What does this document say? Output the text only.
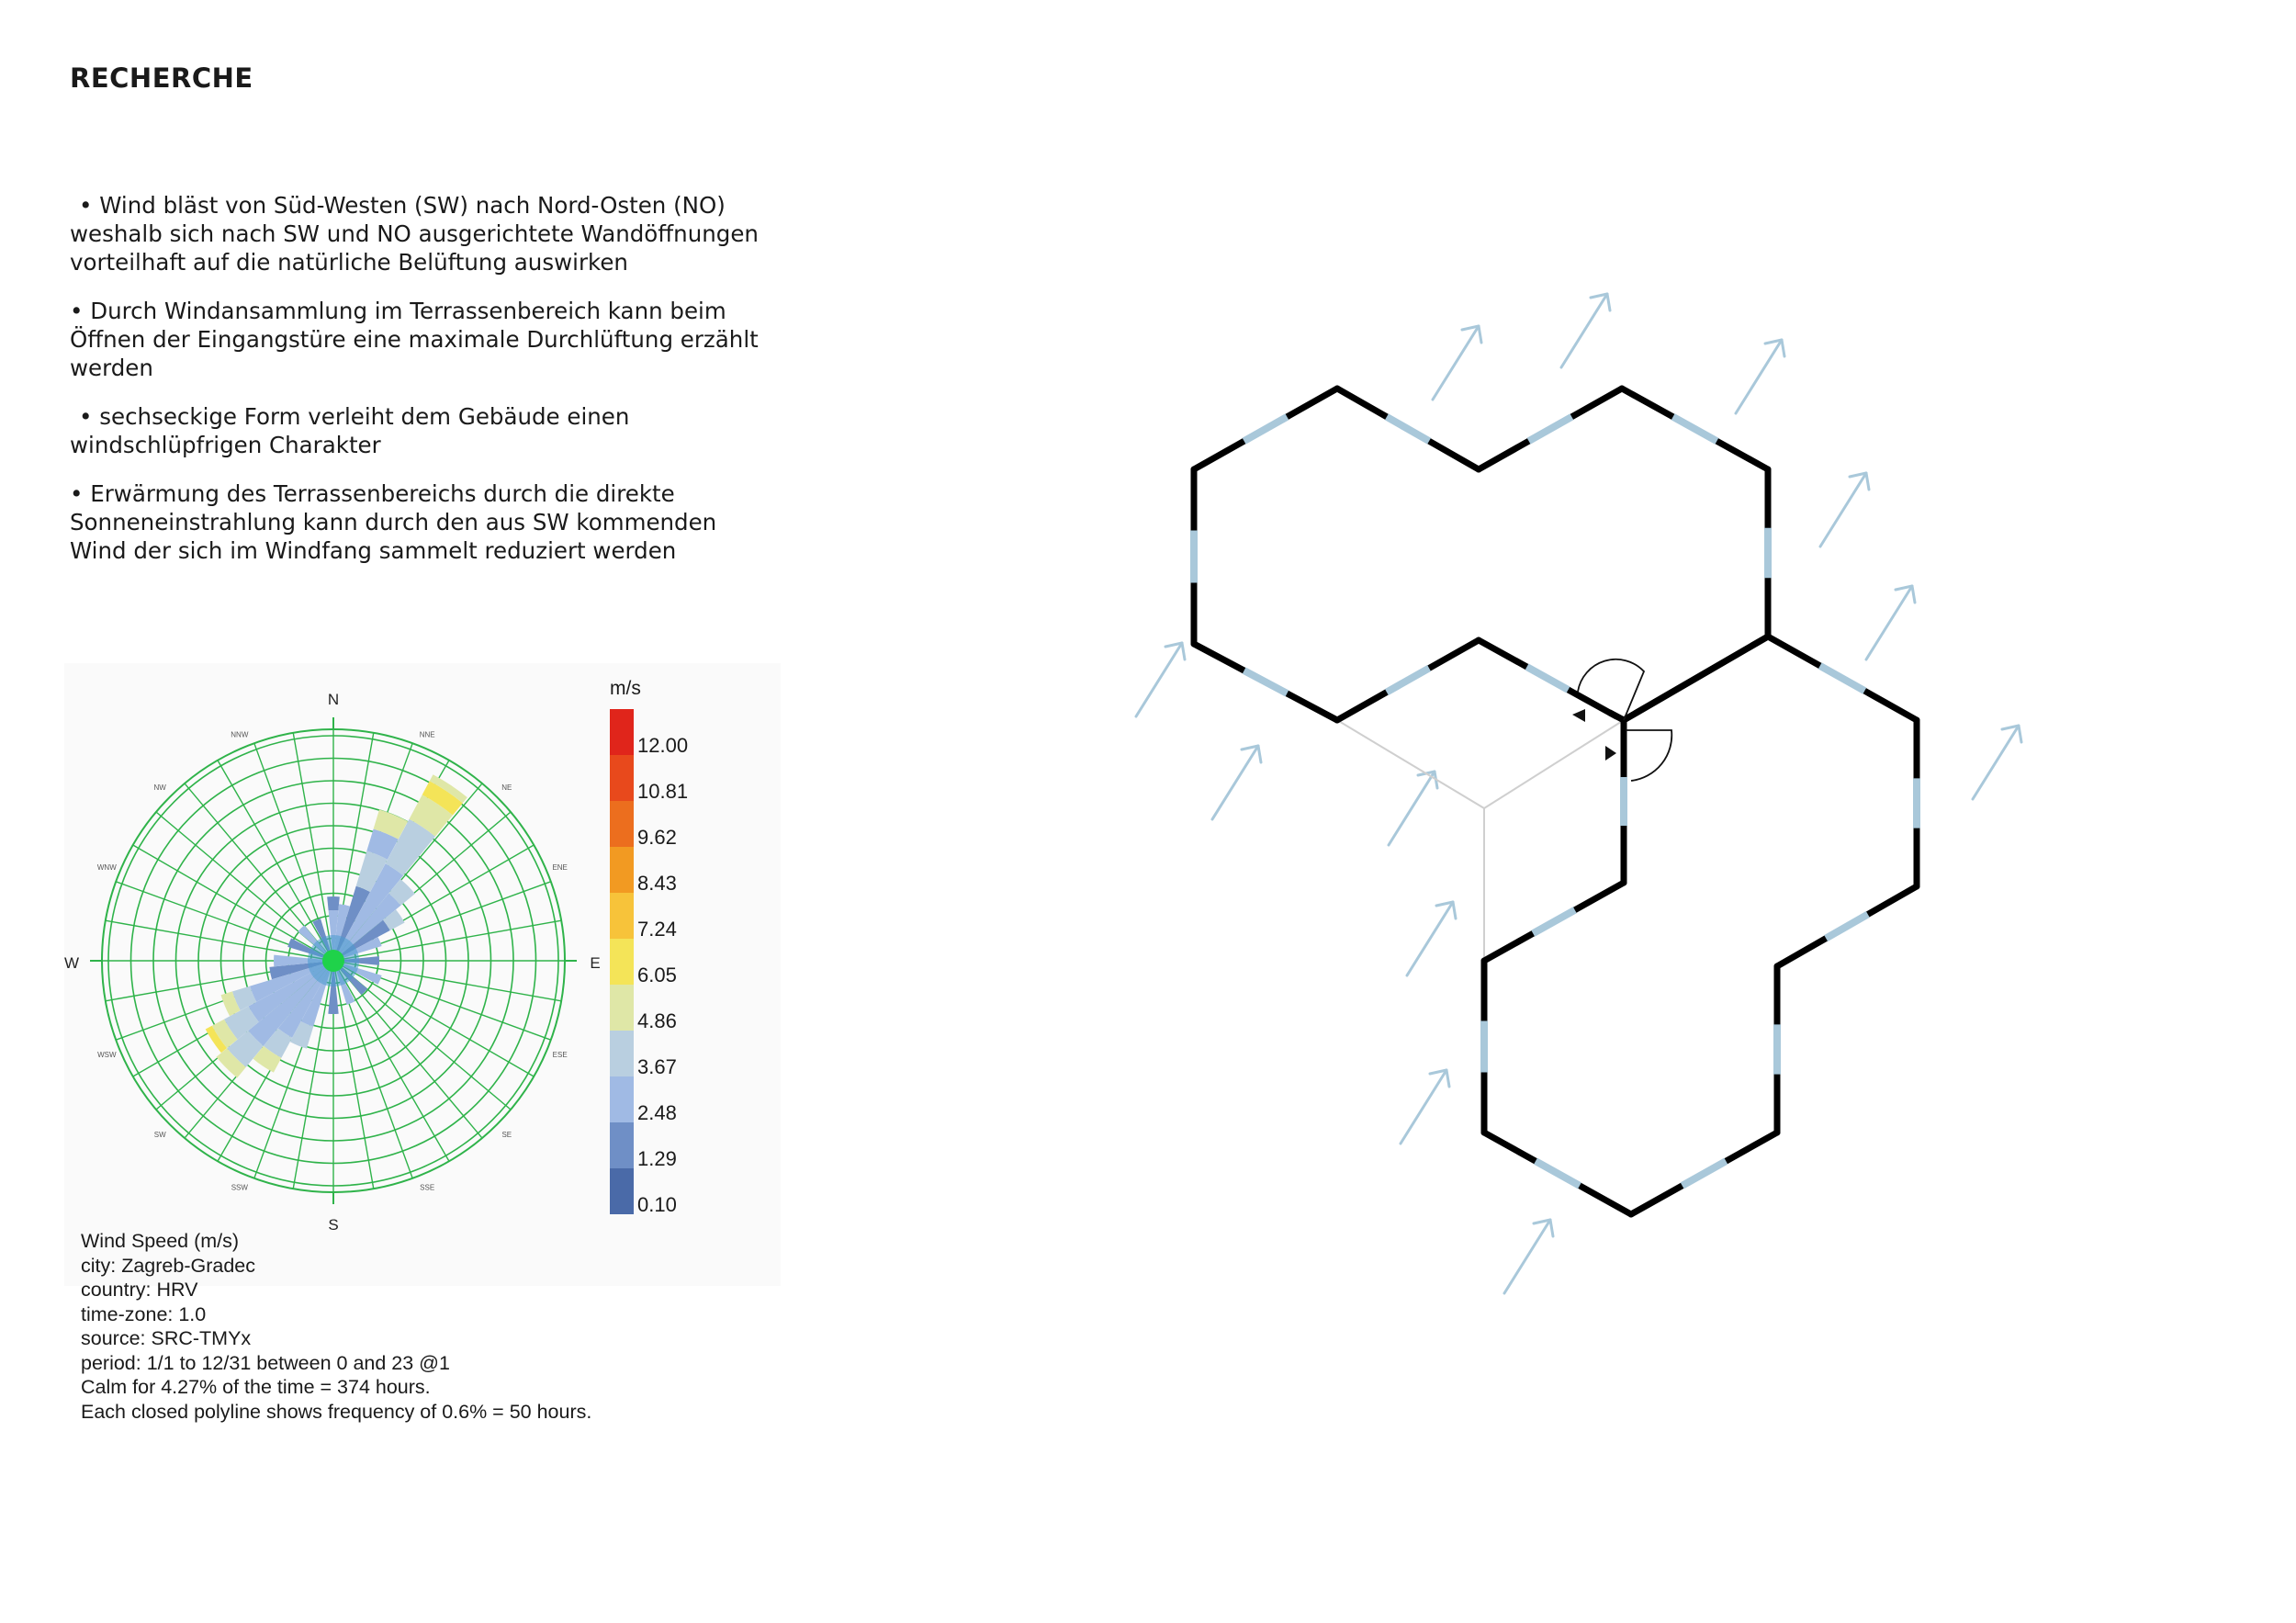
RECHERCHE

• Wind bläst von Süd-Westen (SW) nach Nord-Osten (NO)
weshalb sich nach SW und NO ausgerichtete Wandöffnungen
vorteilhaft auf die natürliche Belüftung auswirken

• Durch Windansammlung im Terrassenbereich kann beim
Öffnen der Eingangstüre eine maximale Durchlüftung erzählt
werden

• sechseckige Form verleiht dem Gebäude einen
windschlüpfrigen Charakter

• Erwärmung des Terrassenbereichs durch die direkte
Sonneneinstrahlung kann durch den aus SW kommenden
Wind der sich im Windfang sammelt reduziert werden

N
E
S
W
NNE
NE
ENE
ESE
SE
SSE
SSW
SW
WSW
WNW
NW
NNW
m/s
12.00
10.81
9.62
8.43
7.24
6.05
4.86
3.67
2.48
1.29
0.10
Wind Speed (m/s)
city: Zagreb-Gradec
country: HRV
time-zone: 1.0
source: SRC-TMYx
period: 1/1 to 12/31 between 0 and 23 @1
Calm for 4.27% of the time = 374 hours.
Each closed polyline shows frequency of 0.6% = 50 hours.
